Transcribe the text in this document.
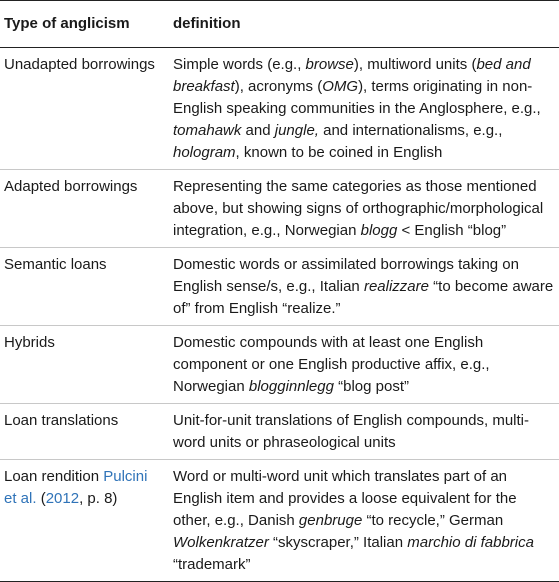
Type of anglicism	definition
Unadapted borrowings	Simple words (e.g., browse), multiword units (bed and breakfast), acronyms (OMG), terms originating in non-English speaking communities in the Anglosphere, e.g., tomahawk and jungle, and internationalisms, e.g., hologram, known to be coined in English
Adapted borrowings	Representing the same categories as those mentioned above, but showing signs of orthographic/morphological integration, e.g., Norwegian blogg < English “blog”
Semantic loans	Domestic words or assimilated borrowings taking on English sense/s, e.g., Italian realizzare “to become aware of” from English “realize.”
Hybrids	Domestic compounds with at least one English component or one English productive affix, e.g., Norwegian blogginnlegg “blog post”
Loan translations	Unit-for-unit translations of English compounds, multi-word units or phraseological units
Loan rendition Pulcini et al. (2012, p. 8)	Word or multi-word unit which translates part of an English item and provides a loose equivalent for the other, e.g., Danish genbruge “to recycle,” German Wolkenkratzer “skyscraper,” Italian marchio di fabbrica “trademark”
